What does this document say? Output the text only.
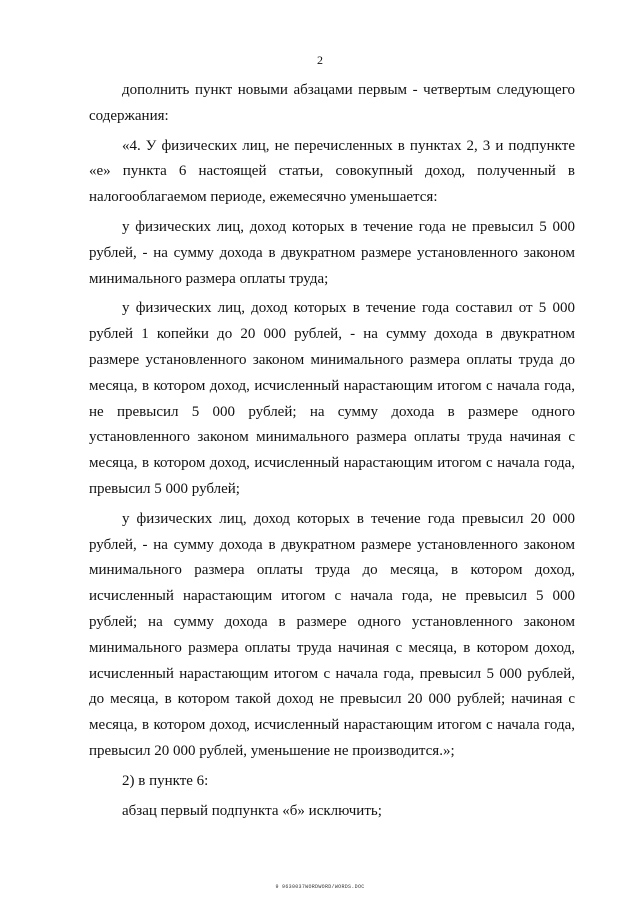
2

дополнить пункт новыми абзацами первым - четвертым следующего содержания:

«4. У физических лиц, не перечисленных в пунктах 2, 3 и подпункте «е» пункта 6 настоящей статьи, совокупный доход, полученный в налогооблагаемом периоде, ежемесячно уменьшается:

у физических лиц, доход которых в течение года не превысил 5 000 рублей, - на сумму дохода в двукратном размере установленного законом минимального размера оплаты труда;

у физических лиц, доход которых в течение года составил от 5 000 рублей 1 копейки до 20 000 рублей, - на сумму дохода в двукратном размере установленного законом минимального размера оплаты труда до месяца, в котором доход, исчисленный нарастающим итогом с начала года, не превысил 5 000 рублей; на сумму дохода в размере одного установленного законом минимального размера оплаты труда начиная с месяца, в котором доход, исчисленный нарастающим итогом с начала года, превысил 5 000 рублей;

у физических лиц, доход которых в течение года превысил 20 000 рублей, - на сумму дохода в двукратном размере установленного законом минимального размера оплаты труда до месяца, в котором доход, исчисленный нарастающим итогом с начала года, не превысил 5 000 рублей; на сумму дохода в размере одного установленного законом минимального размера оплаты труда начиная с месяца, в котором доход, исчисленный нарастающим итогом с начала года, превысил 5 000 рублей, до месяца, в котором такой доход не превысил 20 000 рублей; начиная с месяца, в котором доход, исчисленный нарастающим итогом с начала года, превысил 20 000 рублей, уменьшение не производится.»;

2) в пункте 6:

абзац первый подпункта «б» исключить;

9 9630037WORDWORD/WORDS.DOC
